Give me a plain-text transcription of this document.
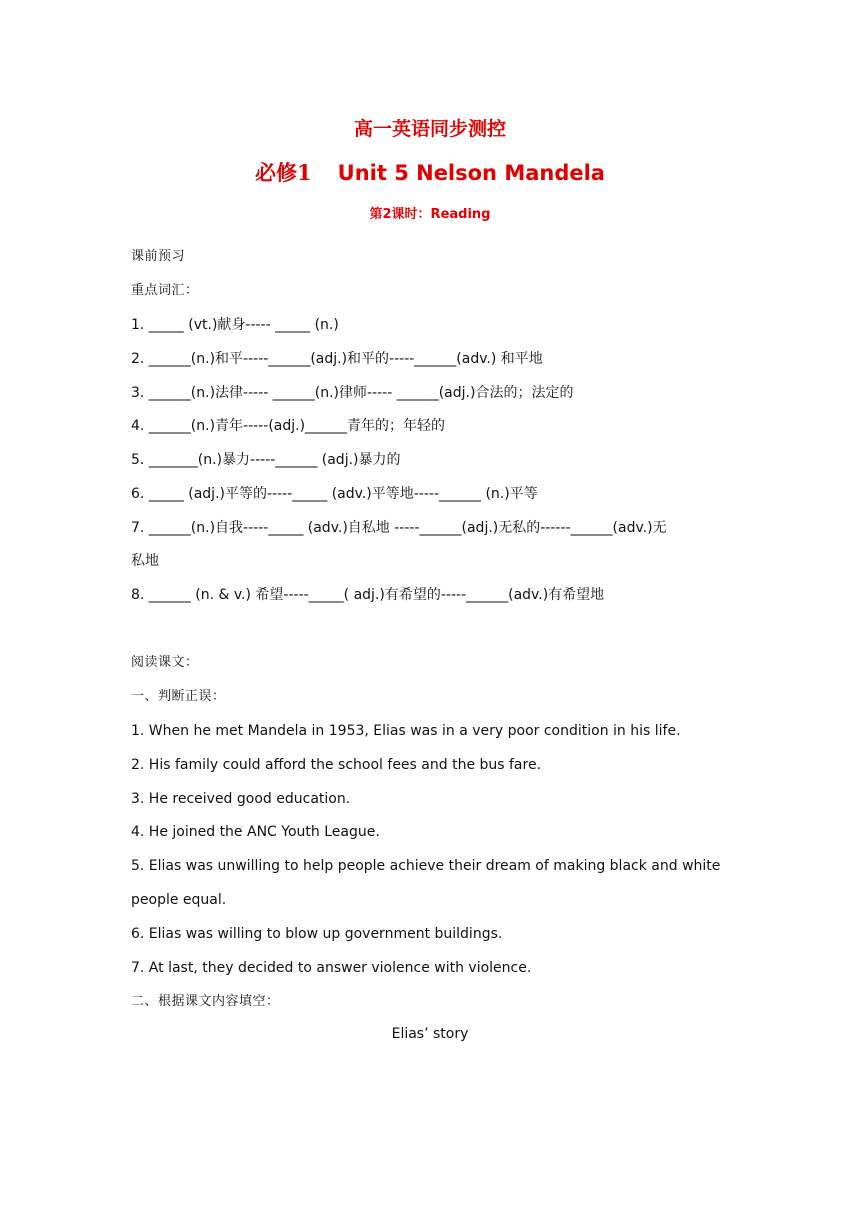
高一英语同步测控
必修1 Unit 5 Nelson Mandela
第2课时：Reading
课前预习
重点词汇：
1. _____ (vt.)献身----- _____ (n.)
2. ______(n.)和平-----______(adj.)和平的-----______(adv.) 和平地
3. ______(n.)法律----- ______(n.)律师----- ______(adj.)合法的；法定的
4. ______(n.)青年-----(adj.)______青年的；年轻的
5. _______(n.)暴力-----______ (adj.)暴力的
6. _____ (adj.)平等的-----_____ (adv.)平等地-----______ (n.)平等
7. ______(n.)自我-----_____ (adv.)自私地 -----______(adj.)无私的------______(adv.)无
私地
8. ______ (n. & v.) 希望-----_____( adj.)有希望的-----______(adv.)有希望地
阅读课文：
一、判断正误：
1. When he met Mandela in 1953, Elias was in a very poor condition in his life.
2. His family could afford the school fees and the bus fare.
3. He received good education.
4. He joined the ANC Youth League.
5. Elias was unwilling to help people achieve their dream of making black and white
people equal.
6. Elias was willing to blow up government buildings.
7. At last, they decided to answer violence with violence.
二、根据课文内容填空：
Elias’ story
